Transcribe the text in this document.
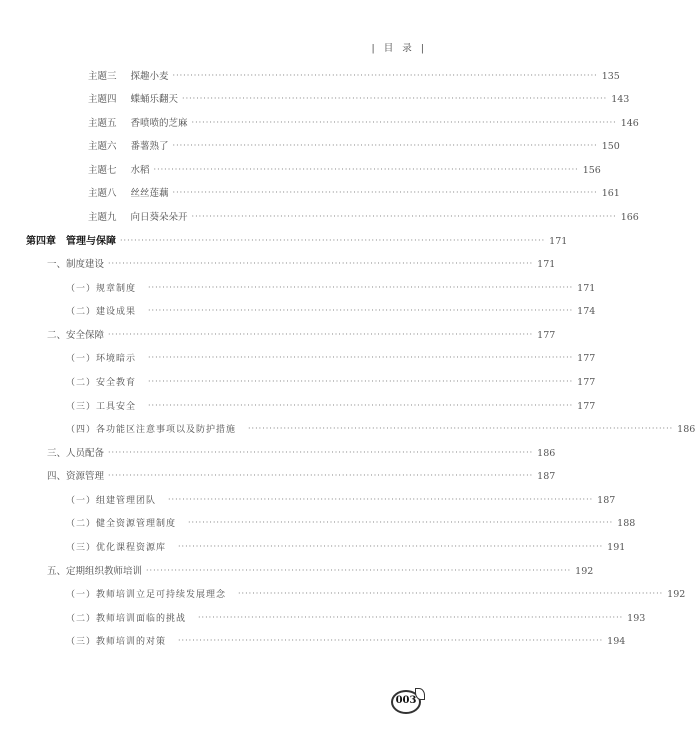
| 目 录 |
主题三 探趣小麦 ························································································································ 135
主题四 蝶蛹乐翻天 ························································································································ 143
主题五 香喷喷的芝麻 ························································································································ 146
主题六 番薯熟了 ························································································································ 150
主题七 水稻 ························································································································ 156
主题八 丝丝莲藕 ························································································································ 161
主题九 向日葵朵朵开 ························································································································ 166
第四章 管理与保障 ························································································································ 171
一、制度建设 ························································································································ 171
（一）规章制度 ························································································································ 171
（二）建设成果 ························································································································ 174
二、安全保障 ························································································································ 177
（一）环境暗示 ························································································································ 177
（二）安全教育 ························································································································ 177
（三）工具安全 ························································································································ 177
（四）各功能区注意事项以及防护措施 ························································································································ 186
三、人员配备 ························································································································ 186
四、资源管理 ························································································································ 187
（一）组建管理团队 ························································································································ 187
（二）健全资源管理制度 ························································································································ 188
（三）优化课程资源库 ························································································································ 191
五、定期组织教师培训 ························································································································ 192
（一）教师培训立足可持续发展理念 ························································································································ 192
（二）教师培训面临的挑战 ························································································································ 193
（三）教师培训的对策 ························································································································ 194
003
